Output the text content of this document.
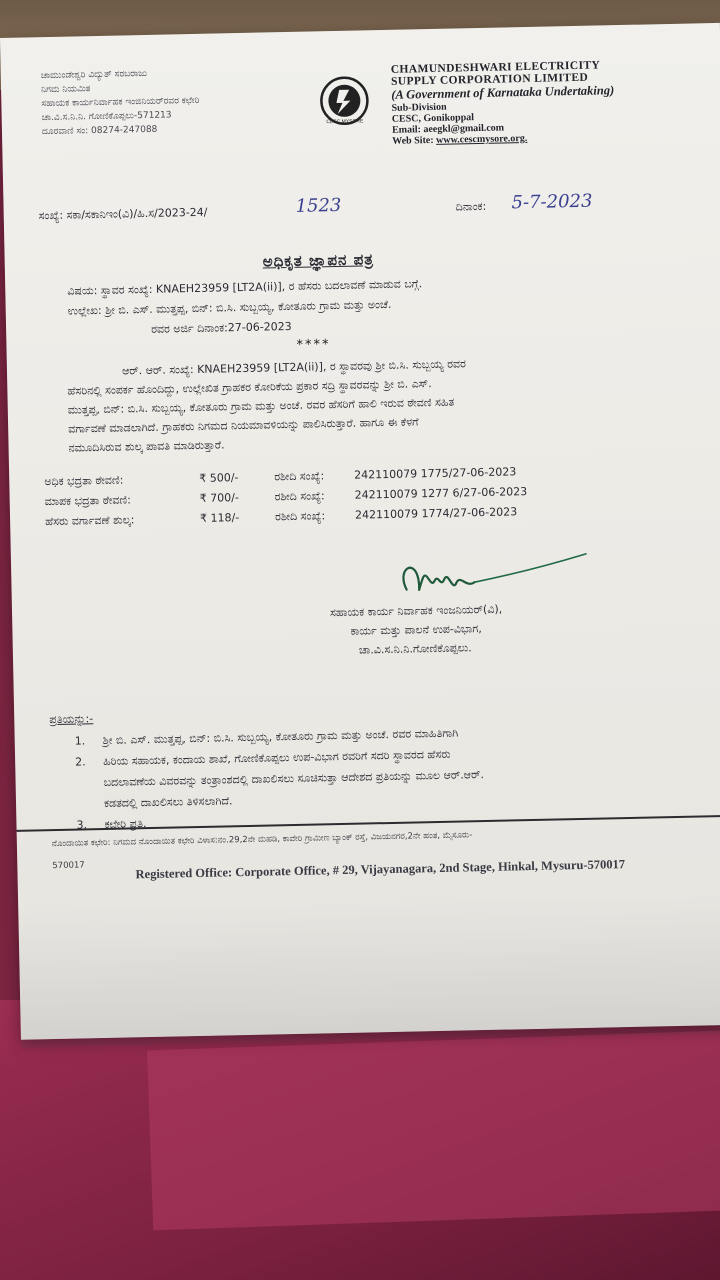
ಚಾಮುಂಡೇಶ್ವರಿ ವಿದ್ಯುತ್ ಸರಬರಾಜು
ನಿಗಮ ನಿಯಮಿತ
ಸಹಾಯಕ ಕಾರ್ಯನಿರ್ವಾಹಕ ಇಂಜಿನಿಯರ್‌ರವರ ಕಛೇರಿ
ಚಾ.ವಿ.ಸ.ನಿ.ನಿ. ಗೋಣಿಕೊಪ್ಪಲು-571213
ದೂರವಾಣಿ ಸಂ: 08274-247088
CESC MYSORE
CHAMUNDESHWARI ELECTRICITY
SUPPLY CORPORATION LIMITED
(A Government of Karnataka Undertaking)
Sub-Division
CESC, Gonikoppal
Email: aeegkl@gmail.com
Web Site: www.cescmysore.org.
ಸಂಖ್ಯೆ: ಸಕಾ/ಸಕಾನಿಇಂ(ವಿ)/ಹಿ.ಸ/2023-24/	1523	ದಿನಾಂಕ: 5-7-2023
ಅಧಿಕೃತ ಜ್ಞಾಪನ ಪತ್ರ
ವಿಷಯ: ಸ್ಥಾವರ ಸಂಖ್ಯೆ: KNAEH23959 [LT2A(ii)], ರ ಹೆಸರು ಬದಲಾವಣೆ ಮಾಡುವ ಬಗ್ಗೆ.
ಉಲ್ಲೇಖ: ಶ್ರೀ ಬಿ. ಎಸ್. ಮುತ್ತಪ್ಪ, ಬಿನ್: ಬಿ.ಸಿ. ಸುಬ್ಬಯ್ಯ, ಕೋತೂರು ಗ್ರಾಮ ಮತ್ತು ಅಂಚೆ.
ರವರ ಅರ್ಜಿ ದಿನಾಂಕ:27-06-2023
****
ಆರ್. ಆರ್. ಸಂಖ್ಯೆ: KNAEH23959 [LT2A(ii)], ರ ಸ್ಥಾವರವು ಶ್ರೀ ಬಿ.ಸಿ. ಸುಬ್ಬಯ್ಯ ರವರ
ಹೆಸರಿನಲ್ಲಿ ಸಂಪರ್ಕ ಹೊಂದಿದ್ದು, ಉಲ್ಲೇಖಿತ ಗ್ರಾಹಕರ ಕೋರಿಕೆಯ ಪ್ರಕಾರ ಸದ್ರಿ ಸ್ಥಾವರವನ್ನು ಶ್ರೀ ಬಿ. ಎಸ್.
ಮುತ್ತಪ್ಪ, ಬಿನ್: ಬಿ.ಸಿ. ಸುಬ್ಬಯ್ಯ, ಕೋತೂರು ಗ್ರಾಮ ಮತ್ತು ಅಂಚೆ. ರವರ ಹೆಸರಿಗೆ ಹಾಲಿ ಇರುವ ಠೇವಣಿ ಸಹಿತ
ವರ್ಗಾವಣೆ ಮಾಡಲಾಗಿದೆ. ಗ್ರಾಹಕರು ನಿಗಮದ ನಿಯಮಾವಳಿಯನ್ನು ಪಾಲಿಸಿರುತ್ತಾರೆ. ಹಾಗೂ ಈ ಕೆಳಗೆ
ನಮೂದಿಸಿರುವ ಶುಲ್ಕ ಪಾವತಿ ಮಾಡಿರುತ್ತಾರೆ.
ಅಧಿಕ ಭದ್ರತಾ ಠೇವಣಿ:	₹ 500/-	ರಶೀದಿ ಸಂಖ್ಯೆ:	242110079 1775/27-06-2023
ಮಾಪಕ ಭದ್ರತಾ ಠೇವಣಿ:	₹ 700/-	ರಶೀದಿ ಸಂಖ್ಯೆ:	242110079 1277 6/27-06-2023
ಹೆಸರು ವರ್ಗಾವಣೆ ಶುಲ್ಕ:	₹ 118/-	ರಶೀದಿ ಸಂಖ್ಯೆ:	242110079 1774/27-06-2023
ಸಹಾಯಕ ಕಾರ್ಯ ನಿರ್ವಾಹಕ ಇಂಜನಿಯರ್(ವಿ),
ಕಾರ್ಯ ಮತ್ತು ಪಾಲನೆ ಉಪ-ವಿಭಾಗ,
ಚಾ.ವಿ.ಸ.ನಿ.ನಿ.ಗೋಣಿಕೊಪ್ಪಲು.
ಪ್ರತಿಯನ್ನು:-
1. ಶ್ರೀ ಬಿ. ಎಸ್. ಮುತ್ತಪ್ಪ, ಬಿನ್: ಬಿ.ಸಿ. ಸುಬ್ಬಯ್ಯ, ಕೋತೂರು ಗ್ರಾಮ ಮತ್ತು ಅಂಚೆ. ರವರ ಮಾಹಿತಿಗಾಗಿ
2. ಹಿರಿಯ ಸಹಾಯಕ, ಕಂದಾಯ ಶಾಖೆ, ಗೋಣಿಕೊಪ್ಪಲು ಉಪ-ವಿಭಾಗ ರವರಿಗೆ ಸದರಿ ಸ್ಥಾವರದ ಹೆಸರು
ಬದಲಾವಣೆಯ ವಿವರವನ್ನು ತಂತ್ರಾಂಶದಲ್ಲಿ ದಾಖಲಿಸಲು ಸೂಚಿಸುತ್ತಾ ಆದೇಶದ ಪ್ರತಿಯನ್ನು ಮೂಲ ಆರ್.ಆರ್.
ಕಡತದಲ್ಲಿ ದಾಖಲಿಸಲು ತಿಳಿಸಲಾಗಿದೆ.
3. ಕಛೇರಿ ಪ್ರತಿ.
ನೊಂದಾಯಿತ ಕಛೇರಿ: ನಿಗಮದ ನೊಂದಾಯಿತ ಕಛೇರಿ ವಿಳಾಸ:ನಂ.29,2ನೇ ಮಹಡಿ, ಕಾವೇರಿ ಗ್ರಾಮೀಣ ಬ್ಯಾಂಕ್ ರಸ್ತೆ, ವಿಜಯನಗರ,2ನೇ ಹಂತ, ಮೈಸೂರು-
570017	Registered Office: Corporate Office, # 29, Vijayanagara, 2nd Stage, Hinkal, Mysuru-570017
